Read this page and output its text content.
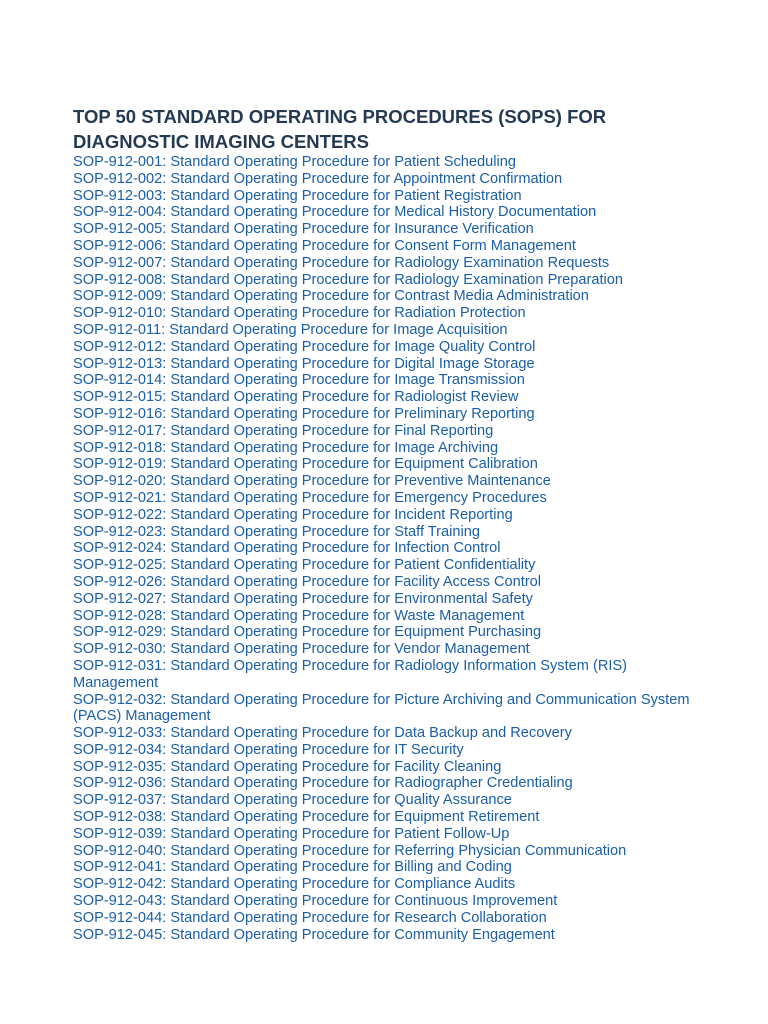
TOP 50 STANDARD OPERATING PROCEDURES (SOPS) FOR DIAGNOSTIC IMAGING CENTERS
SOP-912-001: Standard Operating Procedure for Patient Scheduling
SOP-912-002: Standard Operating Procedure for Appointment Confirmation
SOP-912-003: Standard Operating Procedure for Patient Registration
SOP-912-004: Standard Operating Procedure for Medical History Documentation
SOP-912-005: Standard Operating Procedure for Insurance Verification
SOP-912-006: Standard Operating Procedure for Consent Form Management
SOP-912-007: Standard Operating Procedure for Radiology Examination Requests
SOP-912-008: Standard Operating Procedure for Radiology Examination Preparation
SOP-912-009: Standard Operating Procedure for Contrast Media Administration
SOP-912-010: Standard Operating Procedure for Radiation Protection
SOP-912-011: Standard Operating Procedure for Image Acquisition
SOP-912-012: Standard Operating Procedure for Image Quality Control
SOP-912-013: Standard Operating Procedure for Digital Image Storage
SOP-912-014: Standard Operating Procedure for Image Transmission
SOP-912-015: Standard Operating Procedure for Radiologist Review
SOP-912-016: Standard Operating Procedure for Preliminary Reporting
SOP-912-017: Standard Operating Procedure for Final Reporting
SOP-912-018: Standard Operating Procedure for Image Archiving
SOP-912-019: Standard Operating Procedure for Equipment Calibration
SOP-912-020: Standard Operating Procedure for Preventive Maintenance
SOP-912-021: Standard Operating Procedure for Emergency Procedures
SOP-912-022: Standard Operating Procedure for Incident Reporting
SOP-912-023: Standard Operating Procedure for Staff Training
SOP-912-024: Standard Operating Procedure for Infection Control
SOP-912-025: Standard Operating Procedure for Patient Confidentiality
SOP-912-026: Standard Operating Procedure for Facility Access Control
SOP-912-027: Standard Operating Procedure for Environmental Safety
SOP-912-028: Standard Operating Procedure for Waste Management
SOP-912-029: Standard Operating Procedure for Equipment Purchasing
SOP-912-030: Standard Operating Procedure for Vendor Management
SOP-912-031: Standard Operating Procedure for Radiology Information System (RIS) Management
SOP-912-032: Standard Operating Procedure for Picture Archiving and Communication System (PACS) Management
SOP-912-033: Standard Operating Procedure for Data Backup and Recovery
SOP-912-034: Standard Operating Procedure for IT Security
SOP-912-035: Standard Operating Procedure for Facility Cleaning
SOP-912-036: Standard Operating Procedure for Radiographer Credentialing
SOP-912-037: Standard Operating Procedure for Quality Assurance
SOP-912-038: Standard Operating Procedure for Equipment Retirement
SOP-912-039: Standard Operating Procedure for Patient Follow-Up
SOP-912-040: Standard Operating Procedure for Referring Physician Communication
SOP-912-041: Standard Operating Procedure for Billing and Coding
SOP-912-042: Standard Operating Procedure for Compliance Audits
SOP-912-043: Standard Operating Procedure for Continuous Improvement
SOP-912-044: Standard Operating Procedure for Research Collaboration
SOP-912-045: Standard Operating Procedure for Community Engagement
